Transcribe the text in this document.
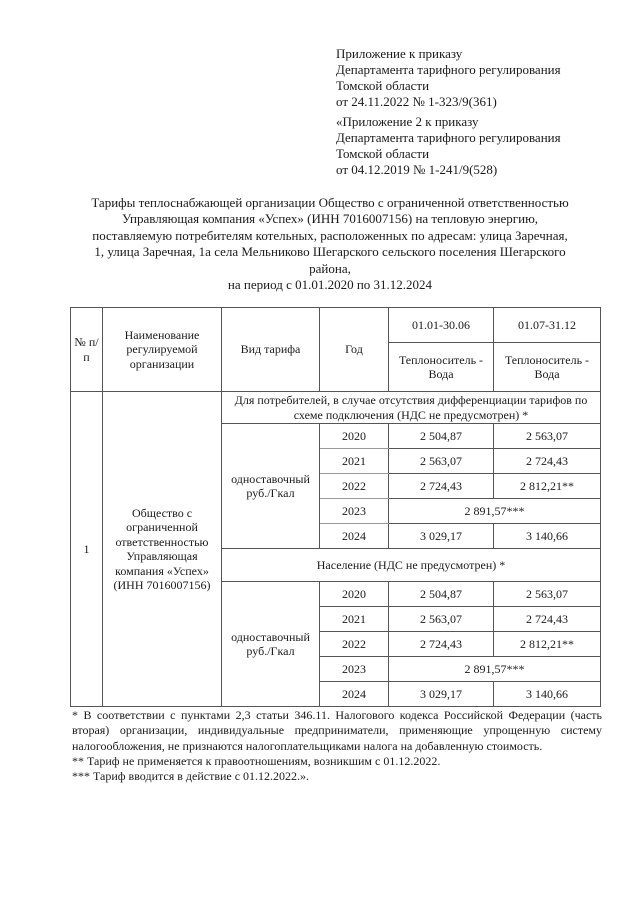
Приложение к приказу

Департамента тарифного регулирования

Томской области

от 24.11.2022 № 1-323/9(361)

«Приложение 2 к приказу

Департамента тарифного регулирования

Томской области

от 04.12.2019 № 1-241/9(528)

Тарифы теплоснабжающей организации Общество с ограниченной ответственностью

Управляющая компания «Успех» (ИНН 7016007156) на тепловую энергию,

поставляемую потребителям котельных, расположенных по адресам: улица Заречная,

1, улица Заречная, 1а села Мельниково Шегарского сельского поселения Шегарского

района,

на период с 01.01.2020 по 31.12.2024

№ п/п	Наименование регулируемой организации	Вид тарифа	Год	01.01-30.06	01.07-31.12
				Теплоноситель - Вода	Теплоноситель - Вода
1	Общество с ограниченной ответственностью Управляющая компания «Успех» (ИНН 7016007156)	Для потребителей, в случае отсутствия дифференциации тарифов по схеме подключения (НДС не предусмотрен) *			
		одноставочный руб./Гкал	2020	2 504,87	2 563,07
			2021	2 563,07	2 724,43
			2022	2 724,43	2 812,21**
			2023	2 891,57***	
			2024	3 029,17	3 140,66
		Население (НДС не предусмотрен) *			
		одноставочный руб./Гкал	2020	2 504,87	2 563,07
			2021	2 563,07	2 724,43
			2022	2 724,43	2 812,21**
			2023	2 891,57***	
			2024	3 029,17	3 140,66

* В соответствии с пунктами 2,3 статьи 346.11. Налогового кодекса Российской Федерации (часть вторая) организации, индивидуальные предприниматели, применяющие упрощенную систему налогообложения, не признаются налогоплательщиками налога на добавленную стоимость.

** Тариф не применяется к правоотношениям, возникшим с 01.12.2022.

*** Тариф вводится в действие с 01.12.2022.».
